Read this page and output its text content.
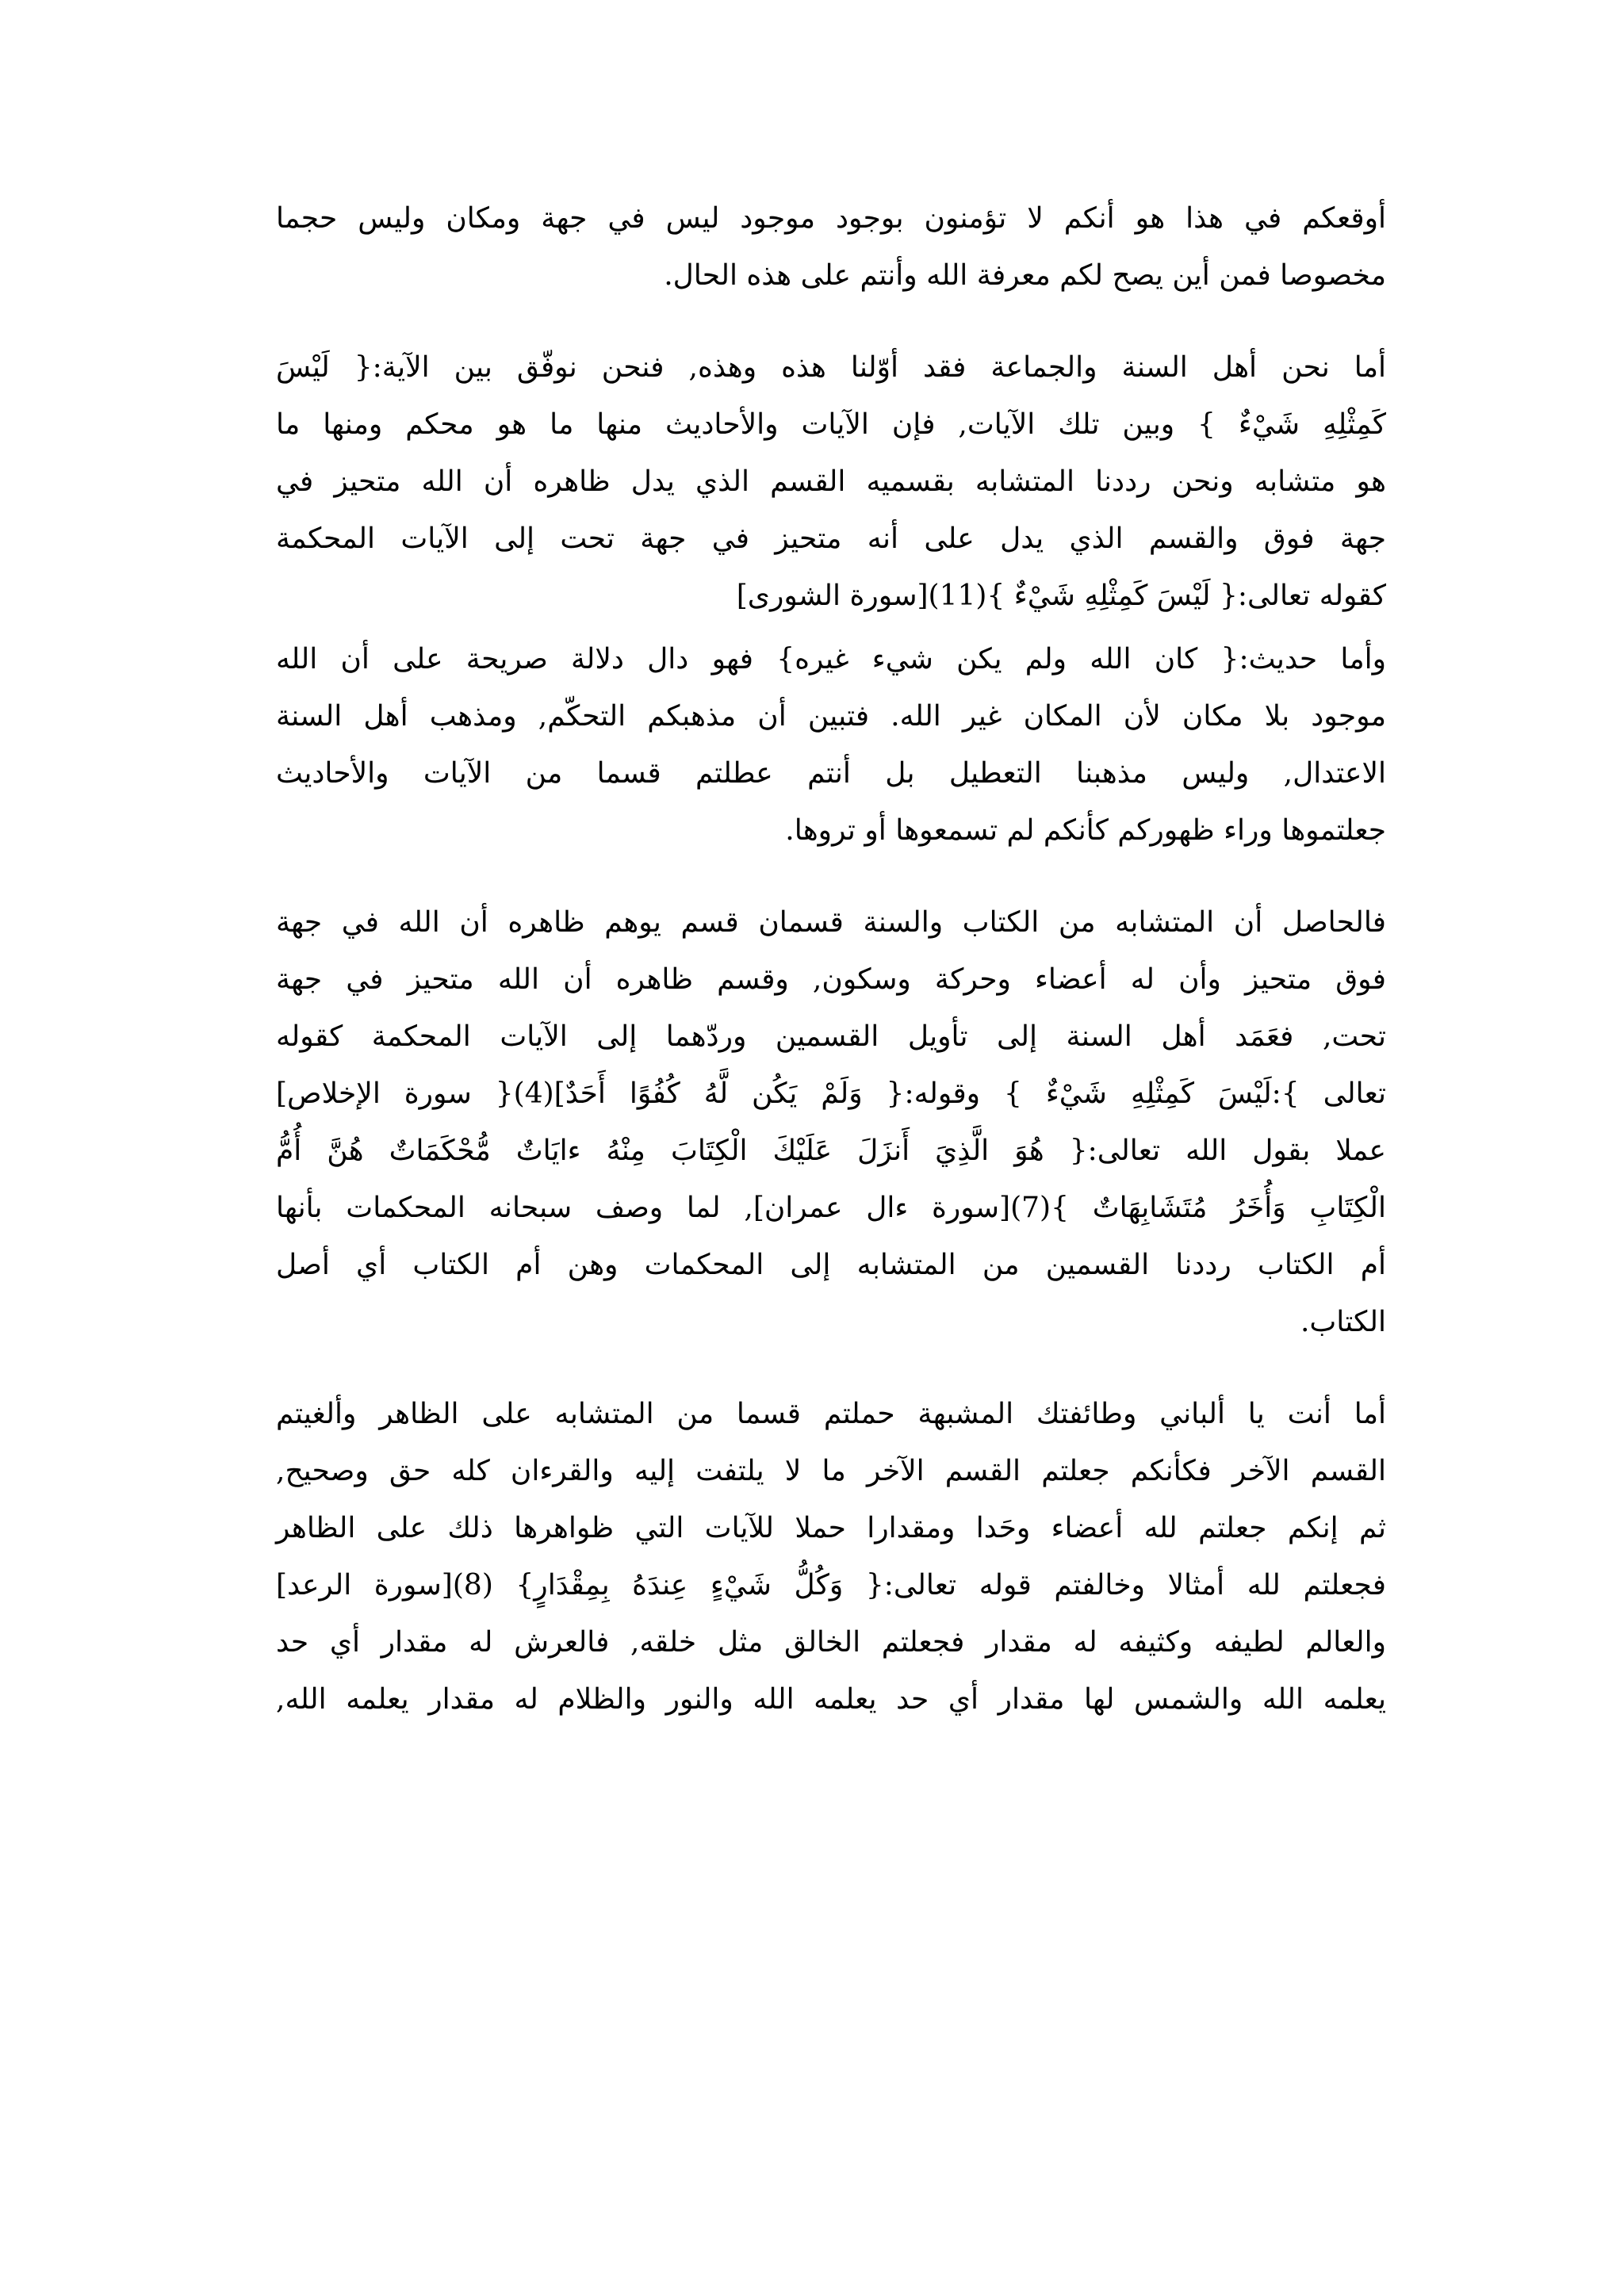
أوقعكم في هذا هو أنكم لا تؤمنون بوجود موجود ليس في جهة ومكان وليس حجما
مخصوصا فمن أين يصح لكم معرفة الله وأنتم على هذه الحال.
أما نحن أهل السنة والجماعة فقد أوّلنا هذه وهذه, فنحن نوفّق بين الآية:{ لَيْسَ
كَمِثْلِهِ شَيْءٌ } وبين تلك الآيات, فإن الآيات والأحاديث منها ما هو محكم ومنها ما
هو متشابه ونحن رددنا المتشابه بقسميه القسم الذي يدل ظاهره أن الله متحيز في
جهة فوق والقسم الذي يدل على أنه متحيز في جهة تحت إلى الآيات المحكمة
كقوله تعالى:{ لَيْسَ كَمِثْلِهِ شَيْءٌ }(11)[سورة الشورى]
وأما حديث:{ كان الله ولم يكن شيء غيره} فهو دال دلالة صريحة على أن الله
موجود بلا مكان لأن المكان غير الله. فتبين أن مذهبكم التحكّم, ومذهب أهل السنة
الاعتدال, وليس مذهبنا التعطيل بل أنتم عطلتم قسما من الآيات والأحاديث
جعلتموها وراء ظهوركم كأنكم لم تسمعوها أو تروها.
فالحاصل أن المتشابه من الكتاب والسنة قسمان قسم يوهم ظاهره أن الله في جهة
فوق متحيز وأن له أعضاء وحركة وسكون, وقسم ظاهره أن الله متحيز في جهة
تحت, فعَمَد أهل السنة إلى تأويل القسمين وردّهما إلى الآيات المحكمة كقوله
تعالى }:لَيْسَ كَمِثْلِهِ شَيْءٌ } وقوله:{ وَلَمْ يَكُن لَّهُ كُفُوًا أَحَدٌ](4){ سورة الإخلاص]
عملا بقول الله تعالى:{ هُوَ الَّذِيَ أَنزَلَ عَلَيْكَ الْكِتَابَ مِنْهُ ءايَاتٌ مُّحْكَمَاتٌ هُنَّ أُمُّ
الْكِتَابِ وَأُخَرُ مُتَشَابِهَاتٌ }(7)[سورة ءال عمران], لما وصف سبحانه المحكمات بأنها
أم الكتاب رددنا القسمين من المتشابه إلى المحكمات وهن أم الكتاب أي أصل
الكتاب.
أما أنت يا ألباني وطائفتك المشبهة حملتم قسما من المتشابه على الظاهر وألغيتم
القسم الآخر فكأنكم جعلتم القسم الآخر ما لا يلتفت إليه والقرءان كله حق وصحيح,
ثم إنكم جعلتم لله أعضاء وحَدا ومقدارا حملا للآيات التي ظواهرها ذلك على الظاهر
فجعلتم لله أمثالا وخالفتم قوله تعالى:{ وَكُلُّ شَيْءٍ عِندَهُ بِمِقْدَارٍ} (8)[سورة الرعد]
والعالم لطيفه وكثيفه له مقدار فجعلتم الخالق مثل خلقه, فالعرش له مقدار أي حد
يعلمه الله والشمس لها مقدار أي حد يعلمه الله والنور والظلام له مقدار يعلمه الله,
